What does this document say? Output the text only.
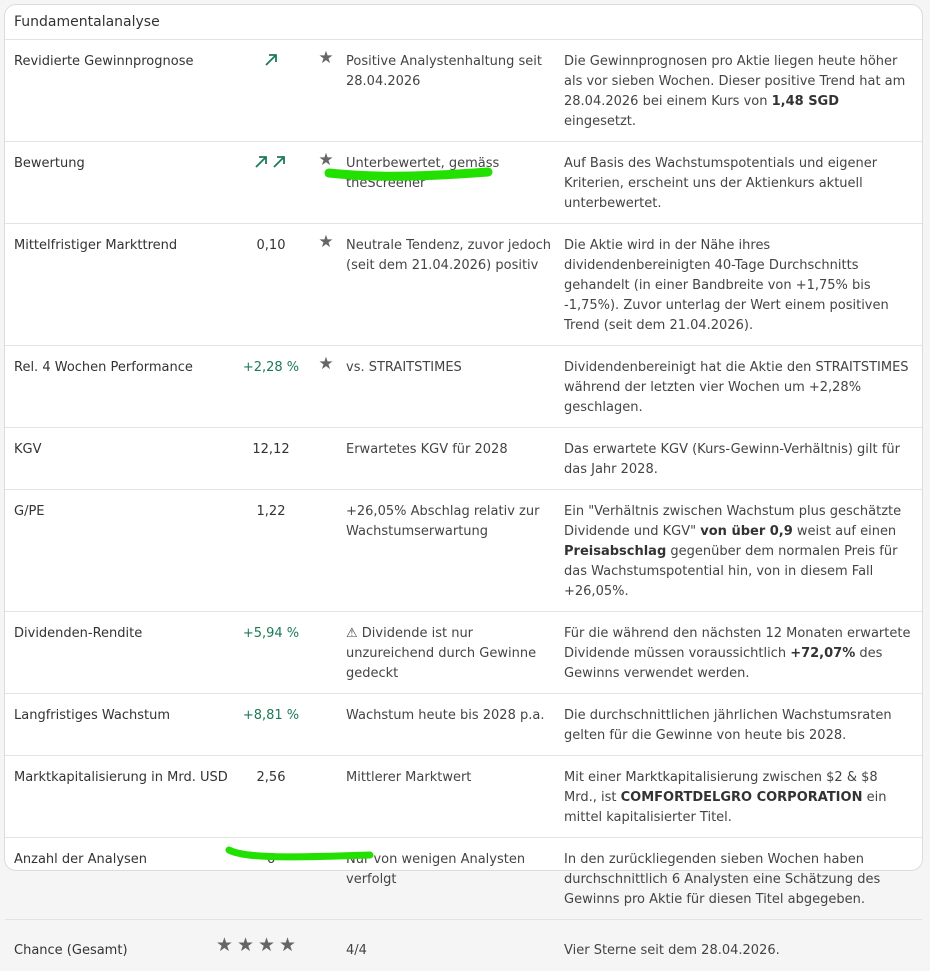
Fundamentalanalyse
Revidierte Gewinnprognose		★	Positive Analystenhaltung seit 28.04.2026	Die Gewinnprognosen pro Aktie liegen heute höher als vor sieben Wochen. Dieser positive Trend hat am 28.04.2026 bei einem Kurs von 1,48 SGD eingesetzt.
Bewertung		★	Unterbewertet, gemäss theScreener	Auf Basis des Wachstumspotentials und eigener Kriterien, erscheint uns der Aktienkurs aktuell unterbewertet.
Mittelfristiger Markttrend	0,10	★	Neutrale Tendenz, zuvor jedoch (seit dem 21.04.2026) positiv	Die Aktie wird in der Nähe ihres dividendenbereinigten 40-Tage Durchschnitts gehandelt (in einer Bandbreite von +1,75% bis -1,75%). Zuvor unterlag der Wert einem positiven Trend (seit dem 21.04.2026).
Rel. 4 Wochen Performance	+2,28 %	★	vs. STRAITSTIMES	Dividendenbereinigt hat die Aktie den STRAITSTIMES während der letzten vier Wochen um +2,28% geschlagen.
KGV	12,12		Erwartetes KGV für 2028	Das erwartete KGV (Kurs-Gewinn-Verhältnis) gilt für das Jahr 2028.
G/PE	1,22		+26,05% Abschlag relativ zur Wachstumserwartung	Ein "Verhältnis zwischen Wachstum plus geschätzte Dividende und KGV" von über 0,9 weist auf einen Preisabschlag gegenüber dem normalen Preis für das Wachstumspotential hin, von in diesem Fall +26,05%.
Dividenden-Rendite	+5,94 %		⚠ Dividende ist nur unzureichend durch Gewinne gedeckt	Für die während den nächsten 12 Monaten erwartete Dividende müssen voraussichtlich +72,07% des Gewinns verwendet werden.
Langfristiges Wachstum	+8,81 %		Wachstum heute bis 2028 p.a.	Die durchschnittlichen jährlichen Wachstumsraten gelten für die Gewinne von heute bis 2028.
Marktkapitalisierung in Mrd. USD	2,56		Mittlerer Marktwert	Mit einer Marktkapitalisierung zwischen $2 & $8 Mrd., ist COMFORTDELGRO CORPORATION ein mittel kapitalisierter Titel.
Anzahl der Analysen	6		Nur von wenigen Analysten verfolgt	In den zurückliegenden sieben Wochen haben durchschnittlich 6 Analysten eine Schätzung des Gewinns pro Aktie für diesen Titel abgegeben.
Chance (Gesamt)	★ ★ ★ ★		4/4	Vier Sterne seit dem 28.04.2026.
